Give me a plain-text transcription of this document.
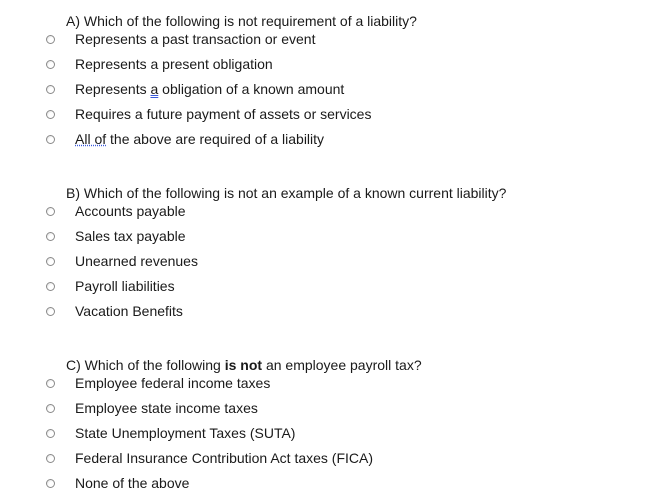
A) Which of the following is not requirement of a liability?
Represents a past transaction or event
Represents a present obligation
Represents a obligation of a known amount
Requires a future payment of assets or services
All of the above are required of a liability
B) Which of the following is not an example of a known current liability?
Accounts payable
Sales tax payable
Unearned revenues
Payroll liabilities
Vacation Benefits
C) Which of the following is not an employee payroll tax?
Employee federal income taxes
Employee state income taxes
State Unemployment Taxes (SUTA)
Federal Insurance Contribution Act taxes (FICA)
None of the above
